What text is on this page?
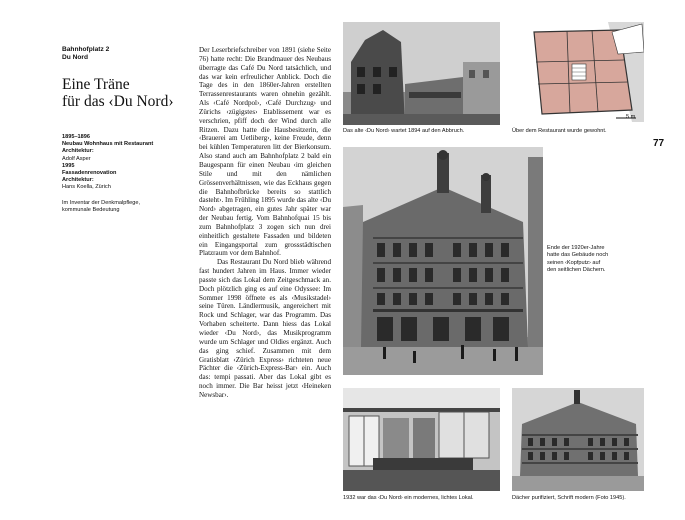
Bahnhofplatz 2
Du Nord
Eine Träne
für das ‹Du Nord›
1895–1896
Neubau Wohnhaus mit Restaurant
Architektur:
Adolf Asper
1995
Fassadenrenovation
Architektur:
Hans Koella, Zürich
Im Inventar der Denkmalpflege,
kommunale Bedeutung

Der Leserbriefschreiber von 1891 (siehe Seite 76) hatte recht: Die Brandmauer des Neubaus überragte das Café Du Nord tatsächlich, und das war kein erfreulicher Anblick. Doch die Tage des in den 1860er-Jahren erstellten Terrassenrestaurants waren ohnehin gezählt. Als ‹Café Nordpol›, ‹Café Durchzug› und Zürichs ‹zügigstes› Etablissement war es verschrien, pfiff doch der Wind durch alle Ritzen. Dazu hatte die Hausbesitzerin, die ‹Brauerei am Uetliberg›, keine Freude, denn bei kühlen Temperaturen litt der Bierkonsum. Also stand auch am Bahnhofplatz 2 bald ein Baugespann für einen Neubau ‹im gleichen Stile und mit den nämlichen Grössenverhältnissen, wie das Eckhaus gegen die Bahnhofbrücke bereits so stattlich dasteht›. Im Frühling 1895 wurde das alte ‹Du Nord› abgetragen, ein gutes Jahr später war der Neubau fertig. Vom Bahnhofquai 15 bis zum Bahnhofplatz 3 zogen sich nun drei einheitlich gestaltete Fassaden und bildeten ein Eingangsportal zum grossstädtischen Platzraum vor dem Bahnhof.

Das Restaurant Du Nord blieb während fast hundert Jahren im Haus. Immer wieder passte sich das Lokal dem Zeitgeschmack an. Doch plötzlich ging es auf eine Odyssee: Im Sommer 1998 öffnete es als ‹Musikstadel› seine Türen. Ländlermusik, angereichert mit Rock und Schlager, war das Programm. Das Vorhaben scheiterte. Dann hiess das Lokal wieder ‹Du Nord›, das Musikprogramm wurde um Schlager und Oldies ergänzt. Auch das ging schief. Zusammen mit dem Gratisblatt ‹Zürich Express› richteten neue Pächter die ‹Zürich-Express-Bar› ein. Auch das: tempi passati. Aber das Lokal gibt es noch immer. Die Bar heisst jetzt ‹Heineken Newsbar›.

Das alte ‹Du Nord› wartet 1894 auf den Abbruch.
5 m
Über dem Restaurant wurde gewohnt.
77
Ende der 1920er-Jahre
hatte das Gebäude noch
seinen ‹Kopfputz› auf
den seitlichen Dächern.
1932 war das ‹Du Nord› ein modernes, lichtes Lokal.	Dächer purifiziert, Schrift modern (Foto 1945).
